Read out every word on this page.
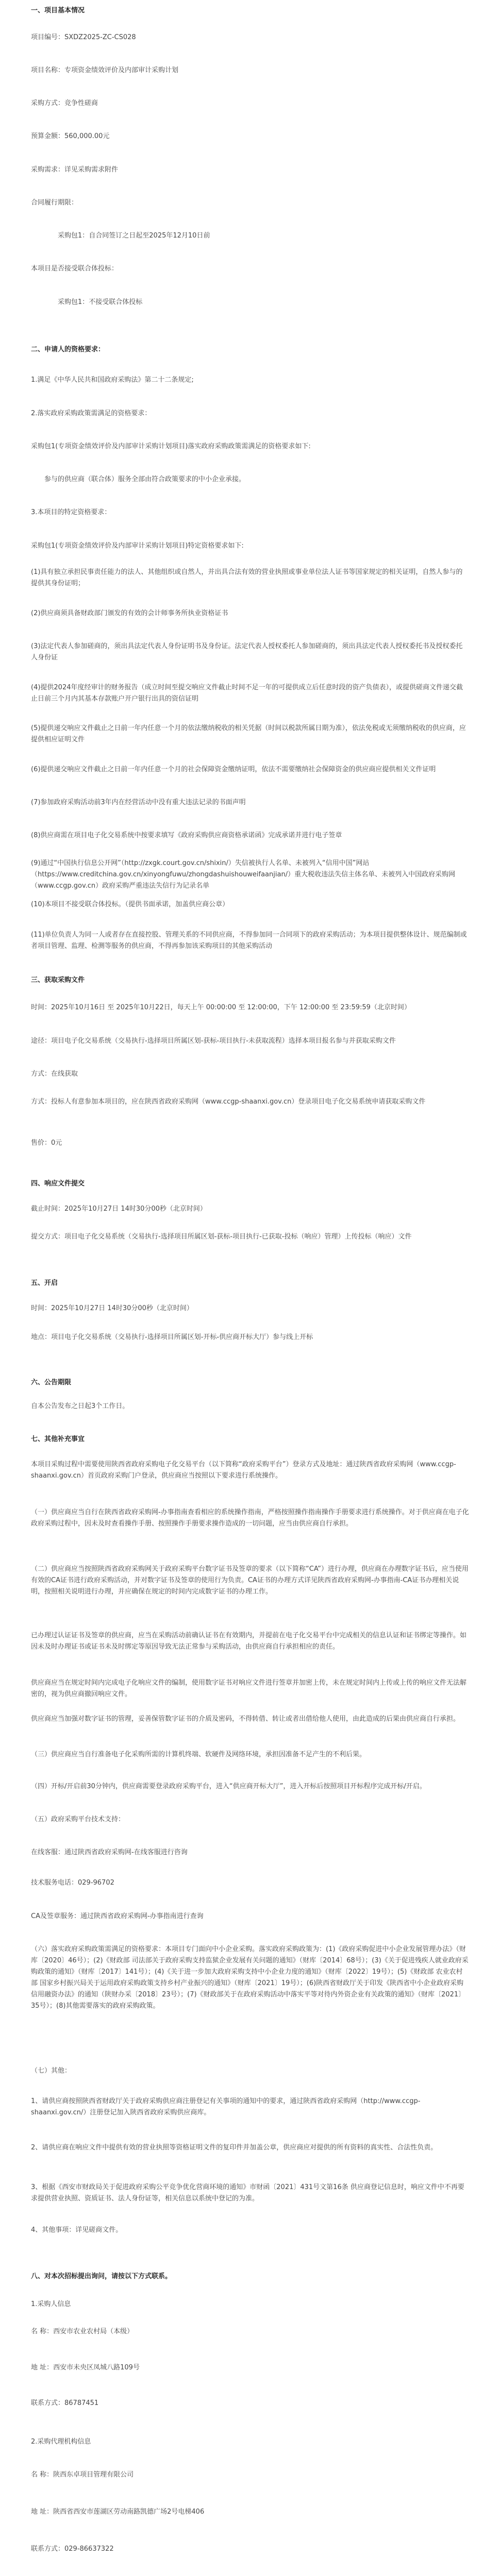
一、项目基本情况
项目编号：SXDZ2025-ZC-CS028
项目名称：专项资金绩效评价及内部审计采购计划
采购方式：竞争性磋商
预算金额：560,000.00元
采购需求：详见采购需求附件
合同履行期限：
采购包1：自合同签订之日起至2025年12月10日前
本项目是否接受联合体投标：
采购包1：不接受联合体投标
二、申请人的资格要求：
1.满足《中华人民共和国政府采购法》第二十二条规定;
2.落实政府采购政策需满足的资格要求：
采购包1(专项资金绩效评价及内部审计采购计划项目)落实政府采购政策需满足的资格要求如下:
参与的供应商（联合体）服务全部由符合政策要求的中小企业承接。
3.本项目的特定资格要求：
采购包1(专项资金绩效评价及内部审计采购计划项目)特定资格要求如下:
(1)具有独立承担民事责任能力的法人、其他组织或自然人，并出具合法有效的营业执照或事业单位法人证书等国家规定的相关证明，自然人参与的提供其身份证明；
(2)供应商须具备财政部门颁发的有效的会计师事务所执业资格证书
(3)法定代表人参加磋商的，须出具法定代表人身份证明书及身份证。法定代表人授权委托人参加磋商的，须出具法定代表人授权委托书及授权委托人身份证
(4)提供2024年度经审计的财务报告（成立时间至提交响应文件截止时间不足一年的可提供成立后任意时段的资产负债表），或提供磋商文件递交截止日前三个月内其基本存款账户开户银行出具的资信证明
(5)提供递交响应文件截止之日前一年内任意一个月的依法缴纳税收的相关凭据（时间以税款所属日期为准），依法免税或无须缴纳税收的供应商，应提供相应证明文件
(6)提供递交响应文件截止之日前一年内任意一个月的社会保障资金缴纳证明，依法不需要缴纳社会保障资金的供应商应提供相关文件证明
(7)参加政府采购活动前3年内在经营活动中没有重大违法记录的书面声明
(8)供应商需在项目电子化交易系统中按要求填写《政府采购供应商资格承诺函》完成承诺并进行电子签章
(9)通过“中国执行信息公开网”（http://zxgk.court.gov.cn/shixin/）失信被执行人名单、未被列入“信用中国”网站（https://www.creditchina.gov.cn/xinyongfuwu/zhongdashuishouweifaanjian/）重大税收违法失信主体名单、未被列入中国政府采购网（www.ccgp.gov.cn）政府采购严重违法失信行为记录名单
(10)本项目不接受联合体投标。（提供书面承诺，加盖供应商公章）
(11)单位负责人为同一人或者存在直接控股、管理关系的不同供应商，不得参加同一合同项下的政府采购活动；为本项目提供整体设计、规范编制或者项目管理、监理、检测等服务的供应商，不得再参加该采购项目的其他采购活动
三、获取采购文件
时间：2025年10月16日 至 2025年10月22日，每天上午 00:00:00 至 12:00:00，下午 12:00:00 至 23:59:59（北京时间）
途径：项目电子化交易系统（交易执行-选择项目所属区划-获标-项目执行-未获取流程）选择本项目报名参与并获取采购文件
方式：在线获取
方式：投标人有意参加本项目的，应在陕西省政府采购网（www.ccgp-shaanxi.gov.cn）登录项目电子化交易系统申请获取采购文件
售价：0元
四、响应文件提交
截止时间：2025年10月27日 14时30分00秒（北京时间）
提交方式：项目电子化交易系统（交易执行-选择项目所属区划-获标-项目执行-已获取-投标（响应）管理）上传投标（响应）文件
五、开启
时间：2025年10月27日 14时30分00秒（北京时间）
地点：项目电子化交易系统（交易执行-选择项目所属区划-开标-供应商开标大厅）参与线上开标
六、公告期限
自本公告发布之日起3个工作日。
七、其他补充事宜
本项目采购过程中需要使用陕西省政府采购电子化交易平台（以下简称“政府采购平台”）登录方式及地址：通过陕西省政府采购网（www.ccgp-shaanxi.gov.cn）首页政府采购门户登录，供应商应当按照以下要求进行系统操作。
（一）供应商应当自行在陕西省政府采购网-办事指南查看相应的系统操作指南，严格按照操作指南操作手册要求进行系统操作。对于供应商在电子化政府采购过程中，因未及时查看操作手册、按照操作手册要求操作造成的一切问题，应当由供应商自行承担。
（二）供应商应当按照陕西省政府采购网关于政府采购平台数字证书及签章的要求（以下简称“CA”）进行办理，供应商在办理数字证书后，应当使用有效的CA证书进行政府采购活动，并对数字证书及签章的使用行为负责。CA证书的办理方式详见陕西省政府采购网-办事指南-CA证书办理相关说明，按照相关说明进行办理，并应确保在规定的时间内完成数字证书的办理工作。
已办理过认证证书及签章的供应商，应当在采购活动前确认证书在有效期内，并提前在电子化交易平台中完成相关的信息认证和证书绑定等操作。如因未及时办理证书或证书未及时绑定等原因导致无法正常参与采购活动，由供应商自行承担相应的责任。
供应商应当在规定时间内完成电子化响应文件的编制，使用数字证书对响应文件进行签章并加密上传，未在规定时间内上传或上传的响应文件无法解密的，视为供应商撤回响应文件。
供应商应当加强对数字证书的管理，妥善保管数字证书的介质及密码，不得转借、转让或者出借给他人使用，由此造成的后果由供应商自行承担。
（三）供应商应当自行准备电子化采购所需的计算机终端、软硬件及网络环境，承担因准备不足产生的不利后果。
（四）开标/开启前30分钟内，供应商需要登录政府采购平台，进入“供应商开标大厅”，进入开标后按照项目开标程序完成开标/开启。
（五）政府采购平台技术支持：
在线客服：通过陕西省政府采购网-在线客服进行咨询
技术服务电话：029-96702
CA及签章服务：通过陕西省政府采购网-办事指南进行查询
（六）落实政府采购政策需满足的资格要求：本项目专门面向中小企业采购。落实政府采购政策为：(1)《政府采购促进中小企业发展管理办法》（财库〔2020〕46号）；(2)《财政部 司法部关于政府采购支持监狱企业发展有关问题的通知》（财库〔2014〕68号）；(3)《关于促进残疾人就业政府采购政策的通知》（财库〔2017〕141号）；(4)《关于进一步加大政府采购支持中小企业力度的通知》（财库〔2022〕19号）；(5)《财政部 农业农村部 国家乡村振兴局关于运用政府采购政策支持乡村产业振兴的通知》（财库〔2021〕19号）；(6)陕西省财政厅关于印发《陕西省中小企业政府采购信用融资办法》的通知（陕财办采〔2018〕23号）；(7)《财政部关于在政府采购活动中落实平等对待内外资企业有关政策的通知》（财库〔2021〕35号）；(8)其他需要落实的政府采购政策。
（七）其他：
1、请供应商按照陕西省财政厅关于政府采购供应商注册登记有关事项的通知中的要求，通过陕西省政府采购网（http://www.ccgp-shaanxi.gov.cn/）注册登记加入陕西省政府采购供应商库。
2、请供应商在响应文件中提供有效的营业执照等资格证明文件的复印件并加盖公章，供应商应对提供的所有资料的真实性、合法性负责。
3、根据《西安市财政局关于促进政府采购公平竞争优化营商环境的通知》市财函〔2021〕431号文第16条 供应商登记信息时，响应文件中不再要求提供营业执照、资质证书、法人身份证等，相关信息以系统中登记的为准。
4、其他事项：详见磋商文件。
八、对本次招标提出询问，请按以下方式联系。
1.采购人信息
名 称：西安市农业农村局（本级）
地 址：西安市未央区凤城八路109号
联系方式：86787451
2.采购代理机构信息
名 称：陕西东卓项目管理有限公司
地 址：陕西省西安市莲湖区劳动南路凯德广场2号电梯406
联系方式：029-86637322
